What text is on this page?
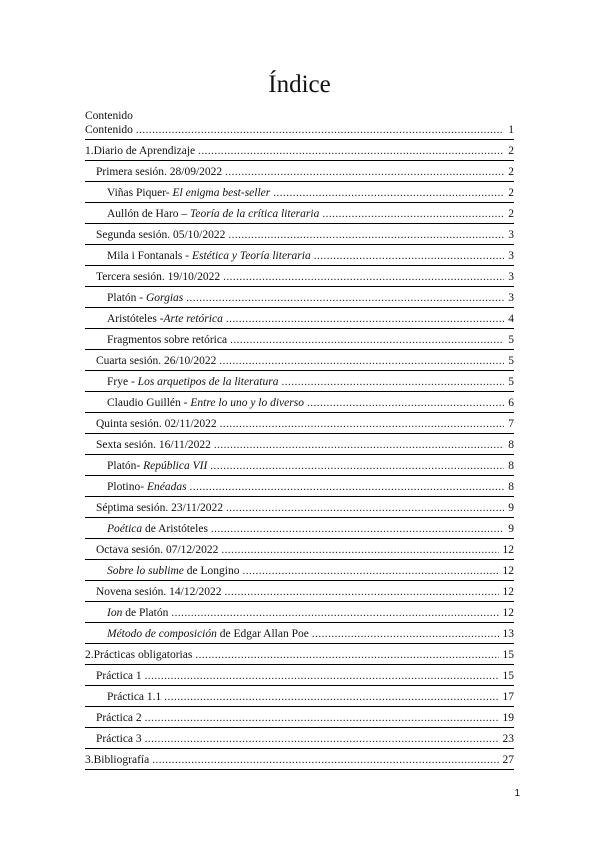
Índice
Contenido
Contenido .....	1
1.Diario de Aprendizaje .....	2
Primera sesión. 28/09/2022 .....	2
Viñas Piquer- El enigma best-seller .....	2
Aullón de Haro – Teoría de la crítica literaria .....	2
Segunda sesión. 05/10/2022 .....	3
Mila i Fontanals - Estética y Teoría literaria .....	3
Tercera sesión. 19/10/2022 .....	3
Platón - Gorgias .....	3
Aristóteles -Arte retórica .....	4
Fragmentos sobre retórica .....	5
Cuarta sesión. 26/10/2022 .....	5
Frye - Los arquetipos de la literatura .....	5
Claudio Guillén - Entre lo uno y lo diverso .....	6
Quinta sesión. 02/11/2022 .....	7
Sexta sesión. 16/11/2022 .....	8
Platón- República VII .....	8
Plotino- Enéadas .....	8
Séptima sesión. 23/11/2022 .....	9
Poética de Aristóteles .....	9
Octava sesión. 07/12/2022 .....	12
Sobre lo sublime de Longino .....	12
Novena sesión. 14/12/2022 .....	12
Ion de Platón .....	12
Método de composición de Edgar Allan Poe .....	13
2.Prácticas obligatorias .....	15
Práctica 1 .....	15
Práctica 1.1 .....	17
Práctica 2 .....	19
Práctica 3 .....	23
3.Bibliografía .....	27
1
